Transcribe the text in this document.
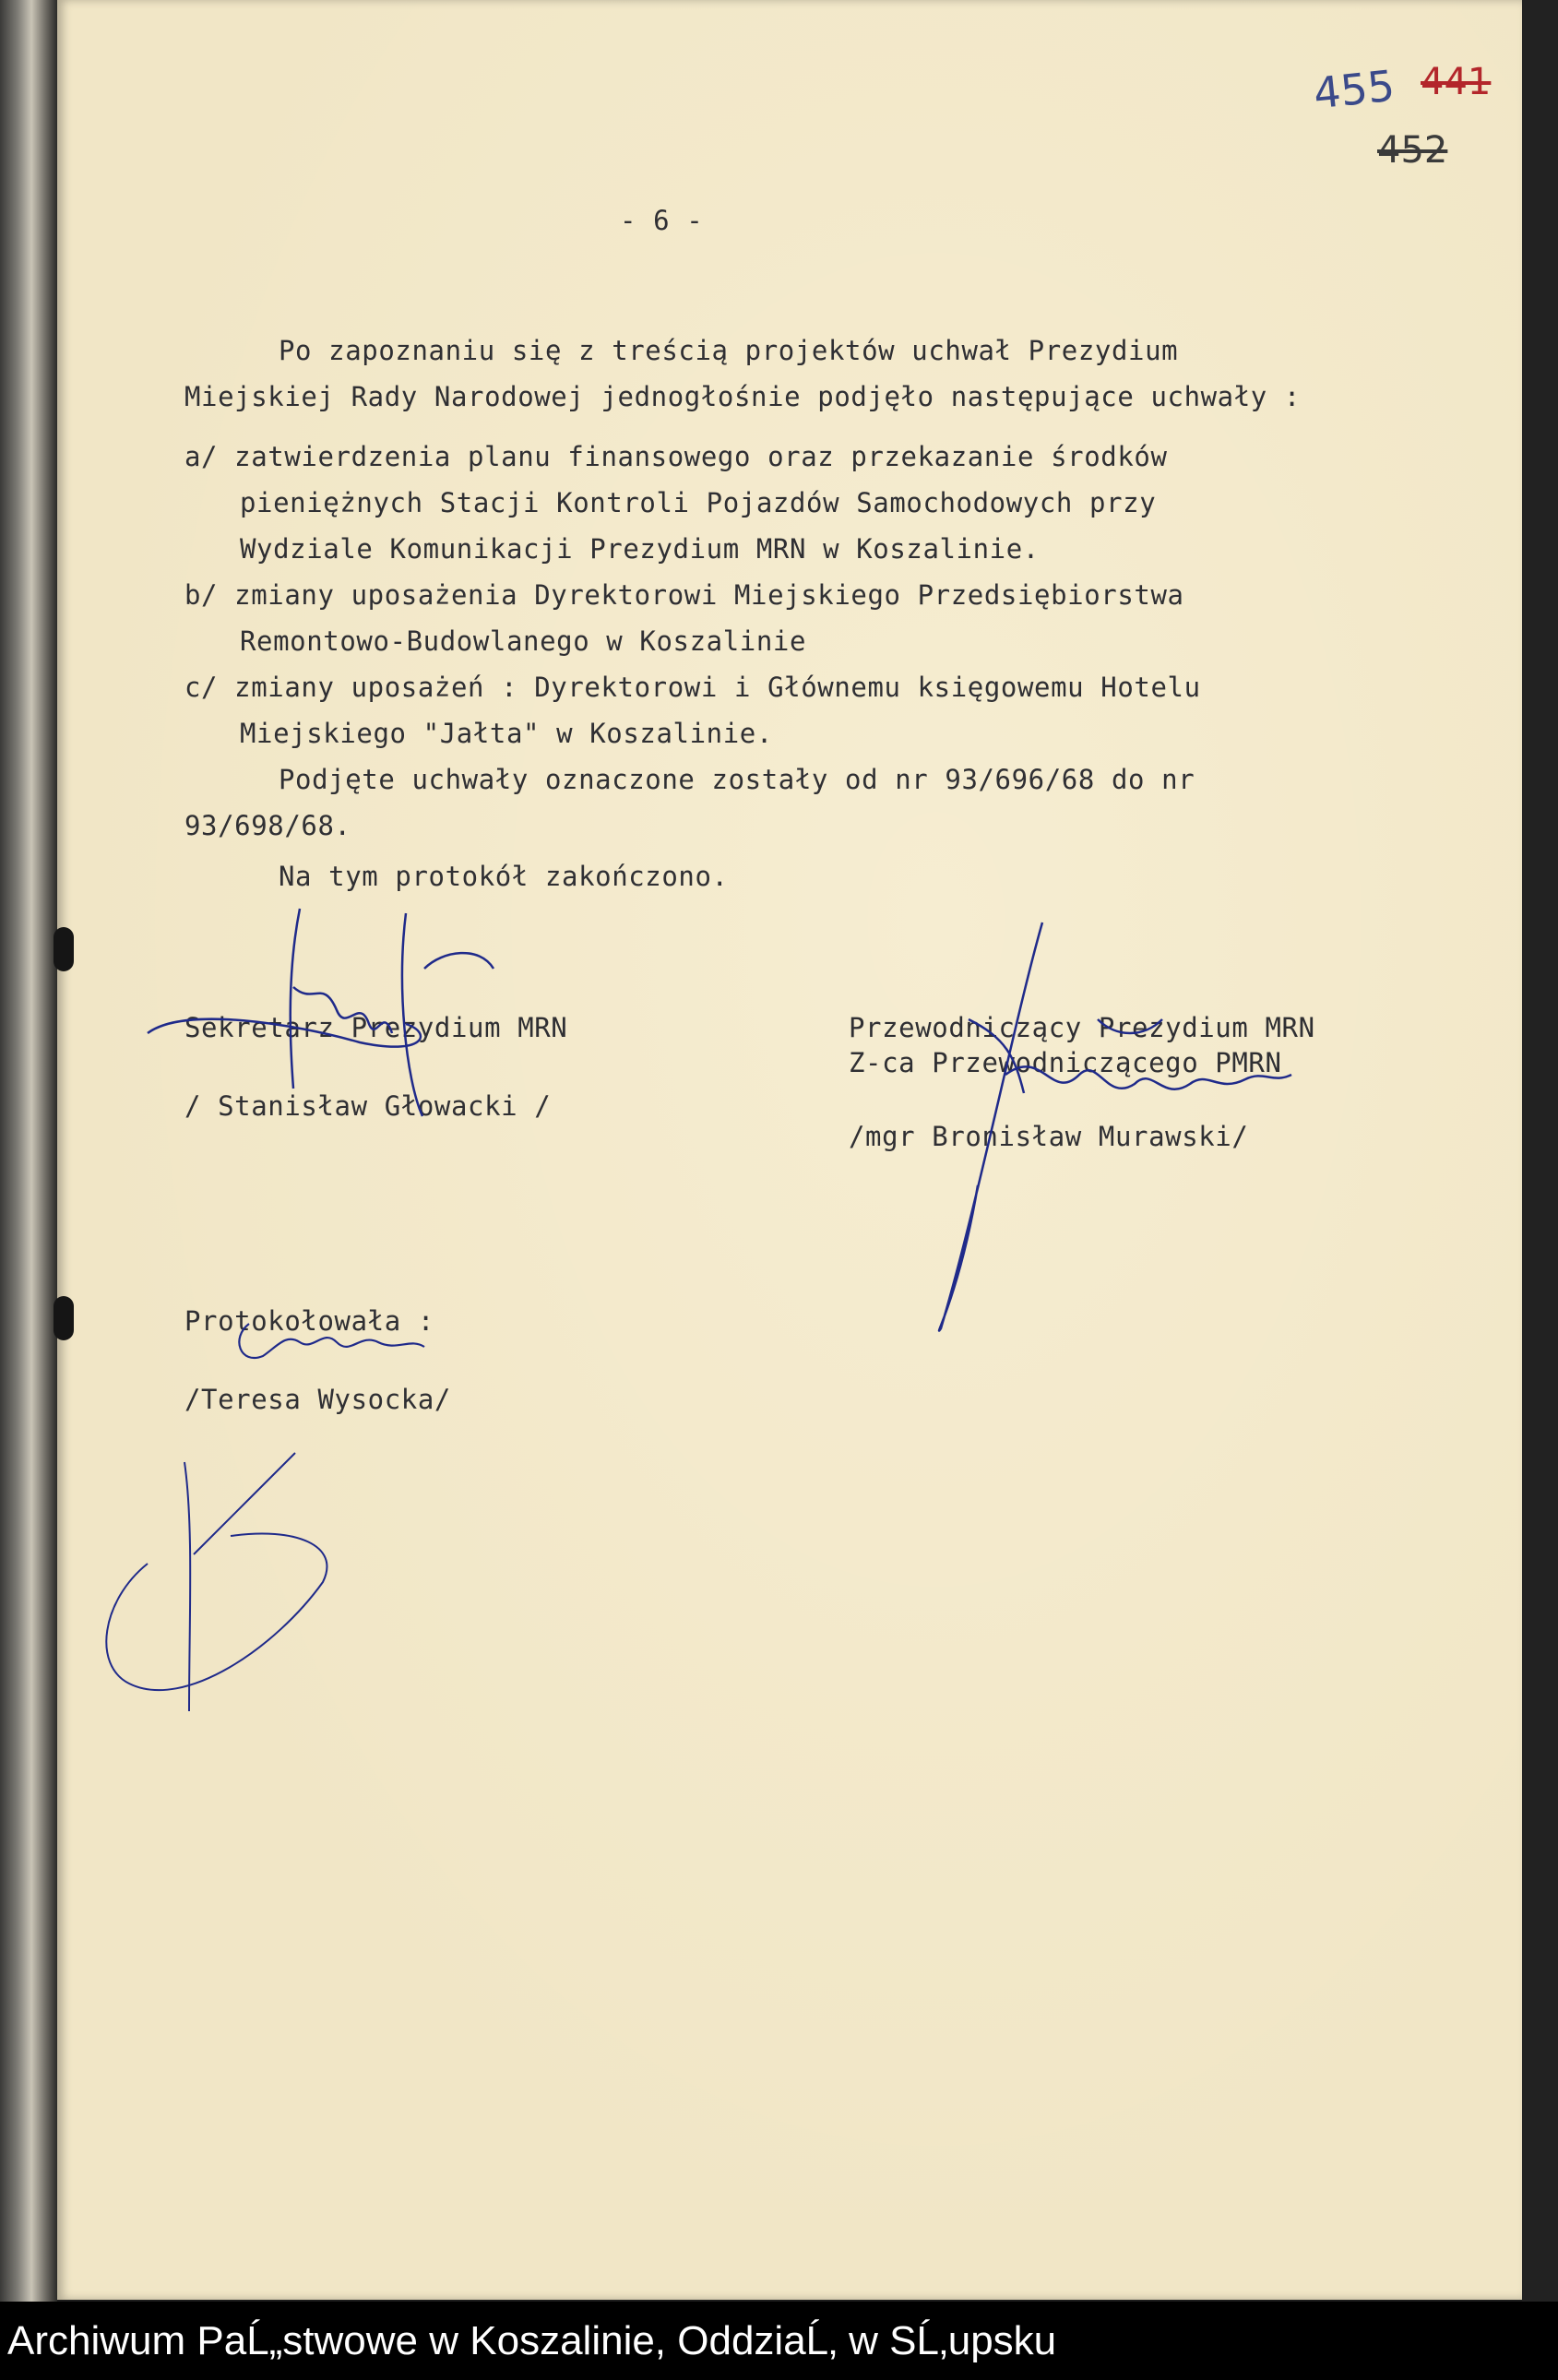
455 441
452
- 6 -
Po zapoznaniu się z treścią projektów uchwał Prezydium
Miejskiej Rady Narodowej jednogłośnie podjęło następujące uchwały :
a/ zatwierdzenia planu finansowego oraz przekazanie środków
pieniężnych Stacji Kontroli Pojazdów Samochodowych przy
Wydziale Komunikacji Prezydium MRN w Koszalinie.
b/ zmiany uposażenia Dyrektorowi Miejskiego Przedsiębiorstwa
Remontowo-Budowlanego w Koszalinie
c/ zmiany uposażeń : Dyrektorowi i Głównemu księgowemu Hotelu
Miejskiego "Jałta" w Koszalinie.
Podjęte uchwały oznaczone zostały od nr 93/696/68 do nr
93/698/68.
Na tym protokół zakończono.
Sekretarz Prezydium MRN
/ Stanisław Głowacki /
Przewodniczący Prezydium MRN
Z-ca Przewodniczącego PMRN
/mgr Bronisław Murawski/
Protokołowała :
/Teresa Wysocka/
Archiwum PaĹ„stwowe w Koszalinie, OddziaĹ‚ w SĹ‚upsku
